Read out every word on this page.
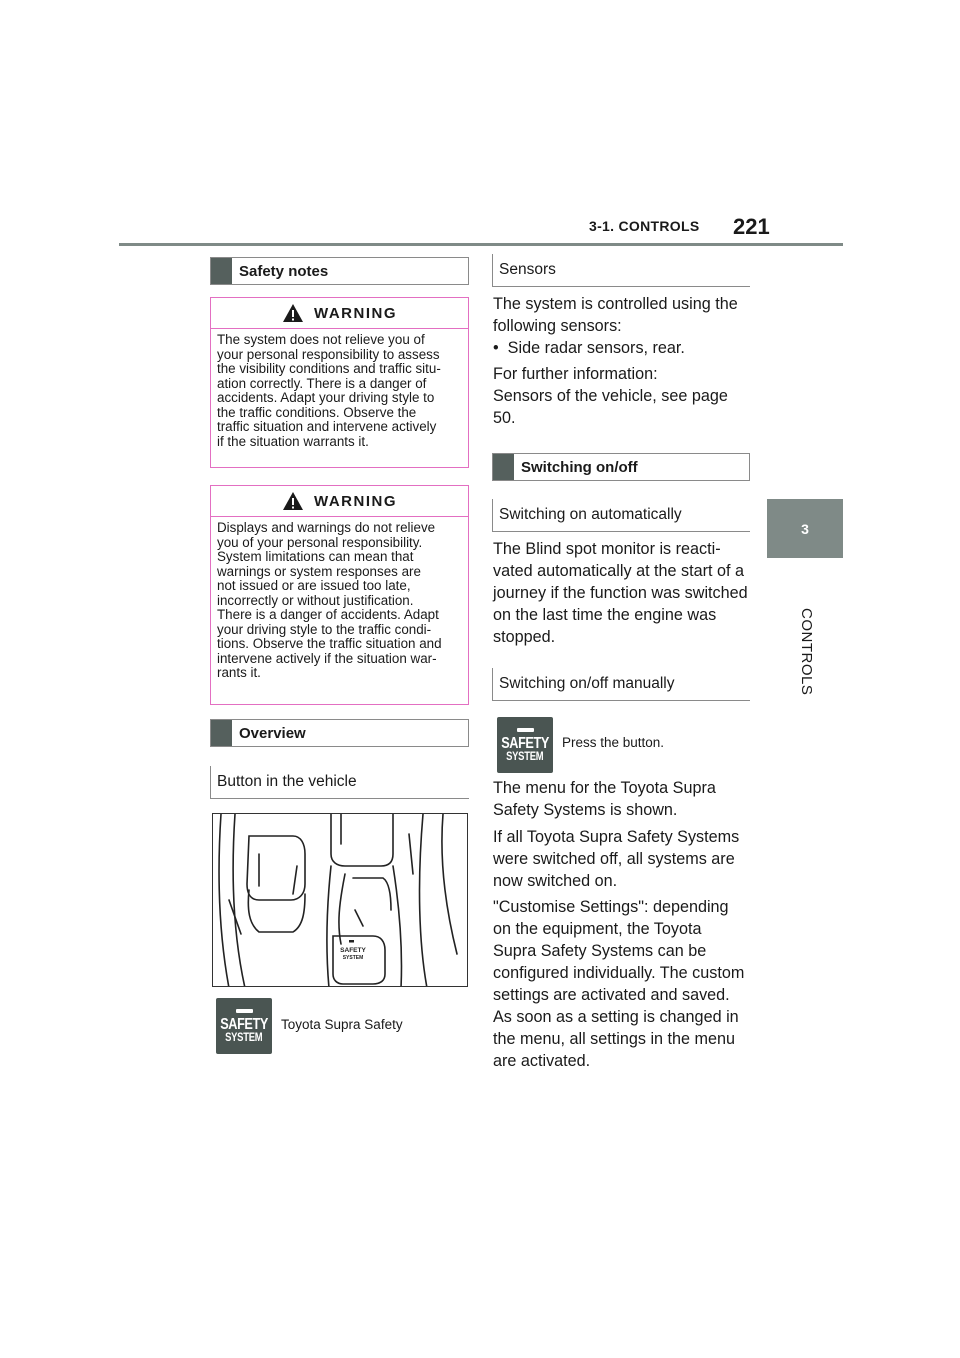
3-1. CONTROLS 221
3
CONTROLS
Safety notes
WARNING
The system does not relieve you of
your personal responsibility to assess
the visibility conditions and traffic situ-
ation correctly. There is a danger of
accidents. Adapt your driving style to
the traffic conditions. Observe the
traffic situation and intervene actively
if the situation warrants it.
WARNING
Displays and warnings do not relieve
you of your personal responsibility.
System limitations can mean that
warnings or system responses are
not issued or are issued too late,
incorrectly or without justification.
There is a danger of accidents. Adapt
your driving style to the traffic condi-
tions. Observe the traffic situation and
intervene actively if the situation war-
rants it.
Overview
Button in the vehicle
SAFETY
SYSTEM
SAFETY
SYSTEM
Toyota Supra Safety
Sensors
The system is controlled using the following sensors:
•  Side radar sensors, rear.
For further information:
Sensors of the vehicle, see page 50.
Switching on/off
Switching on automatically
The Blind spot monitor is reacti-
vated automatically at the start of a
journey if the function was switched
on the last time the engine was
stopped.
Switching on/off manually
SAFETY
SYSTEM
Press the button.
The menu for the Toyota Supra Safety Systems is shown.
If all Toyota Supra Safety Systems were switched off, all systems are now switched on.
"Customise Settings": depending on the equipment, the Toyota Supra Safety Systems can be configured individually. The custom settings are activated and saved. As soon as a setting is changed in the menu, all settings in the menu are activated.
